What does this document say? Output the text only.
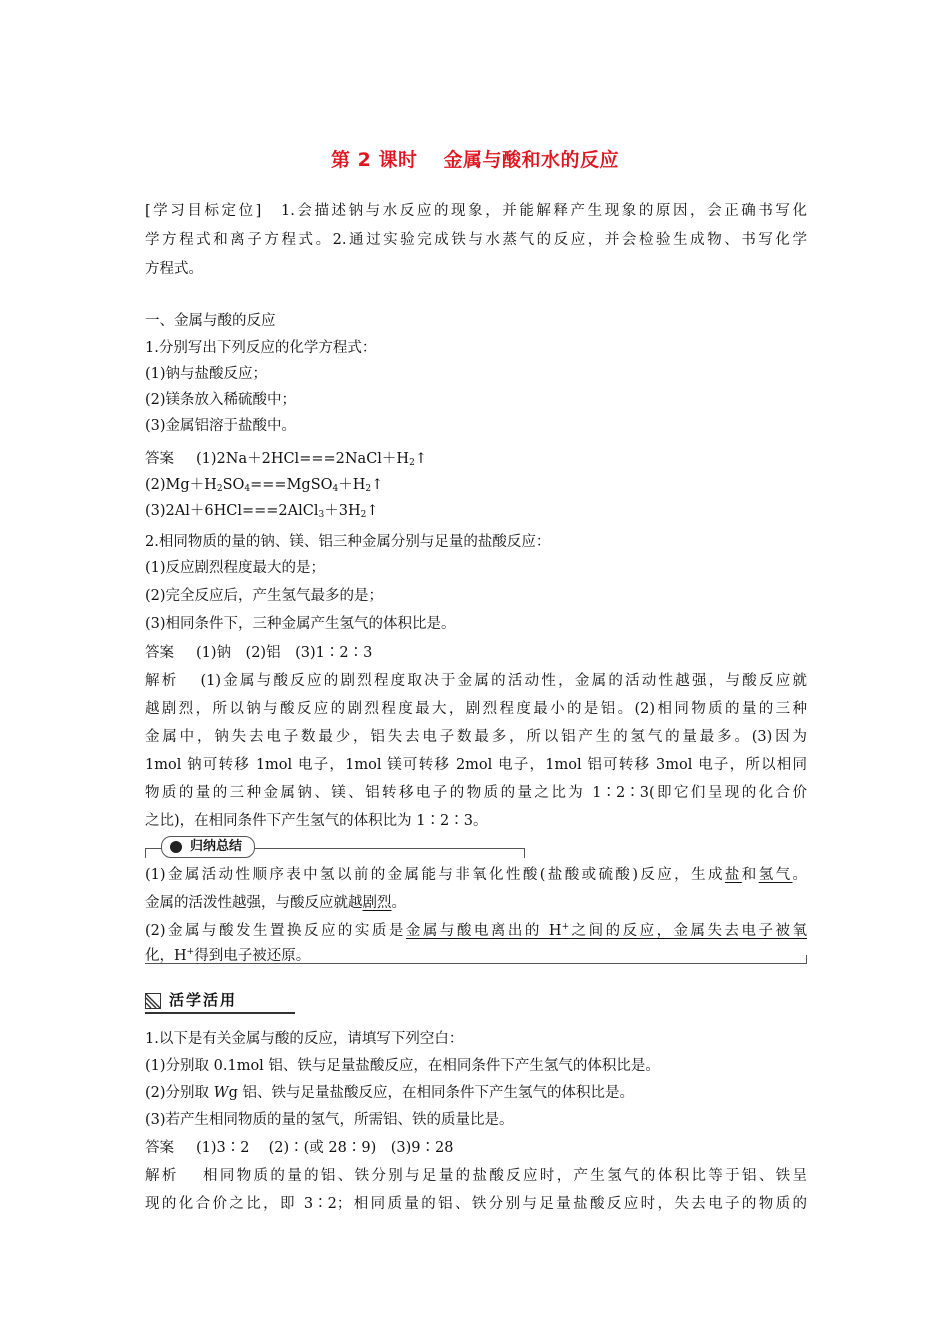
第 2 课时 金属与酸和水的反应
[学习目标定位]　 1.会描述钠与水反应的现象，并能解释产生现象的原因，会正确书写化
学方程式和离子方程式。2.通过实验完成铁与水蒸气的反应，并会检验生成物、书写化学
方程式。
一、金属与酸的反应
1.分别写出下列反应的化学方程式：
(1)钠与盐酸反应；
(2)镁条放入稀硫酸中；
(3)金属铝溶于盐酸中。
答案 $(1)2Na+2HCl===2NaCl+H_2↑$
$(2)Mg+H_2SO_4===MgSO_4+H_2↑$
$(3)2Al+6HCl===2AlCl_3+3H_2↑$
2.相同物质的量的钠、镁、铝三种金属分别与足量的盐酸反应：
(1)反应剧烈程度最大的是；
(2)完全反应后，产生氢气最多的是；
(3)相同条件下，三种金属产生氢气的体积比是。
答案 (1)钠　(2)铝　(3)1∶2∶3
解析 (1)金属与酸反应的剧烈程度取决于金属的活动性，金属的活动性越强，与酸反应就
越剧烈，所以钠与酸反应的剧烈程度最大，剧烈程度最小的是铝。(2)相同物质的量的三种
金属中，钠失去电子数最少，铝失去电子数最多，所以铝产生的氢气的量最多。(3)因为
1mol 钠可转移 1mol 电子，1mol 镁可转移 2mol 电子，1mol 铝可转移 3mol 电子，所以相同
物质的量的三种金属钠、镁、铝转移电子的物质的量之比为 1∶2∶3(即它们呈现的化合价
之比)，在相同条件下产生氢气的体积比为 1∶2∶3。
(1)金属活动性顺序表中氢以前的金属能与非氧化性酸(盐酸或硫酸)反应，生成盐和氢气。
金属的活泼性越强，与酸反应就越剧烈。
(2)金属与酸发生置换反应的实质是金属与酸电离出的 H+之间的反应，金属失去电子被氧
化，H+得到电子被还原。
1.以下是有关金属与酸的反应，请填写下列空白：
(1)分别取 0.1mol 铝、铁与足量盐酸反应，在相同条件下产生氢气的体积比是。
(2)分别取 Wg 铝、铁与足量盐酸反应，在相同条件下产生氢气的体积比是。
(3)若产生相同物质的量的氢气，所需铝、铁的质量比是。
答案 (1)3∶2　 (2)∶(或 28∶9)　(3)9∶28
解析 相同物质的量的铝、铁分别与足量的盐酸反应时，产生氢气的体积比等于铝、铁呈
现的化合价之比，即 3∶2；相同质量的铝、铁分别与足量盐酸反应时，失去电子的物质的
归纳总结
活学活用
